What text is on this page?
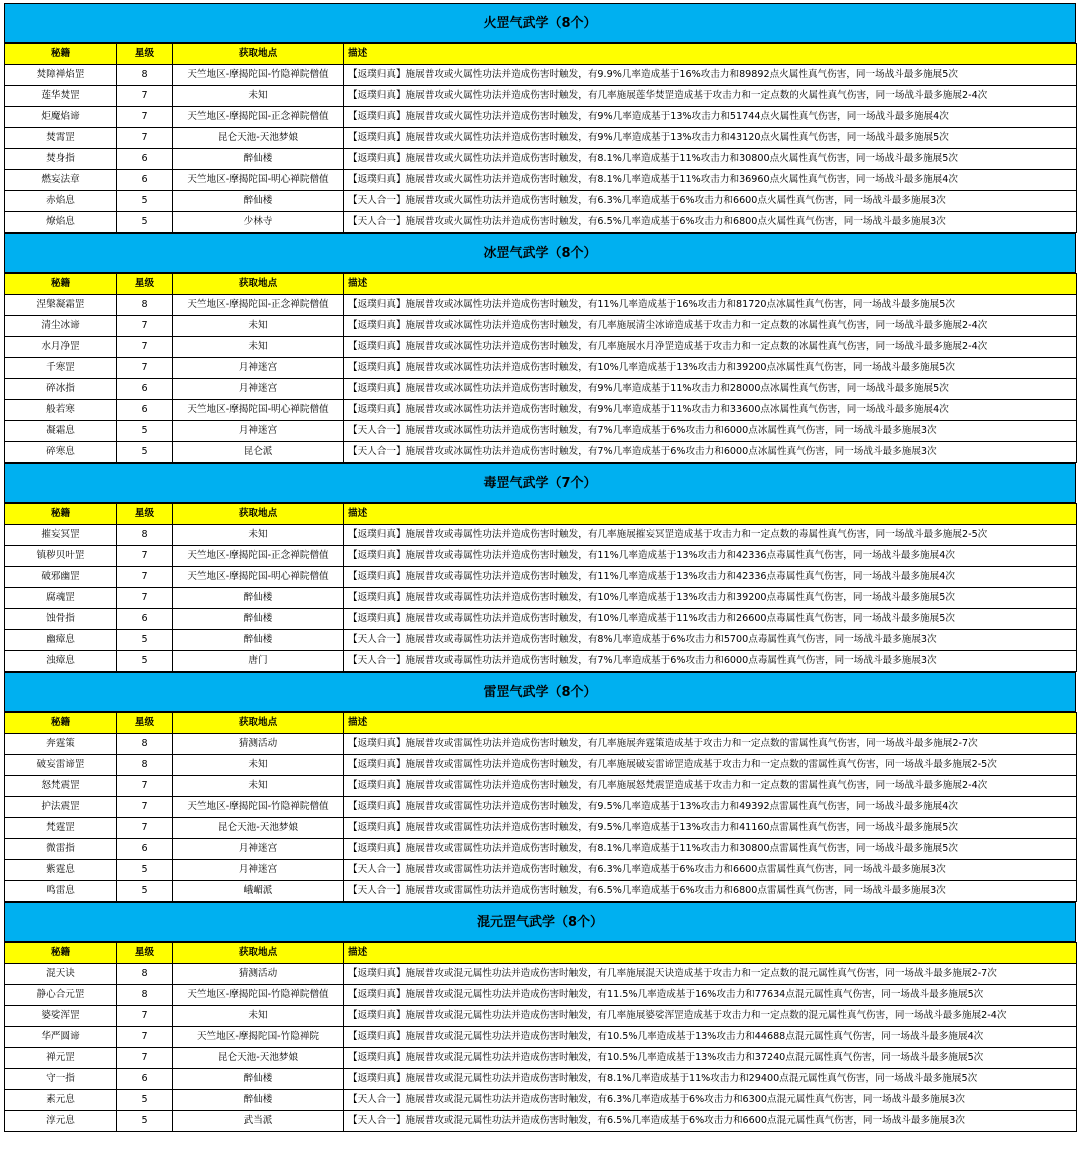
火罡气武学（8个）
秘籍	星级	获取地点	描述
焚障禅焰罡	8	天竺地区-摩揭陀国-竹隐禅院僧值	【返璞归真】施展普攻或火属性功法并造成伤害时触发，有9.9%几率造成基于16%攻击力和89892点火属性真气伤害，同一场战斗最多施展5次
莲华焚罡	7	未知	【返璞归真】施展普攻或火属性功法并造成伤害时触发，有几率施展莲华焚罡造成基于攻击力和一定点数的火属性真气伤害，同一场战斗最多施展2-4次
炬魔焰谛	7	天竺地区-摩揭陀国-正念禅院僧值	【返璞归真】施展普攻或火属性功法并造成伤害时触发，有9%几率造成基于13%攻击力和51744点火属性真气伤害，同一场战斗最多施展4次
焚霄罡	7	昆仑天池-天池梦娘	【返璞归真】施展普攻或火属性功法并造成伤害时触发，有9%几率造成基于13%攻击力和43120点火属性真气伤害，同一场战斗最多施展5次
焚身指	6	醉仙楼	【返璞归真】施展普攻或火属性功法并造成伤害时触发，有8.1%几率造成基于11%攻击力和30800点火属性真气伤害，同一场战斗最多施展5次
燃妄法章	6	天竺地区-摩揭陀国-明心禅院僧值	【返璞归真】施展普攻或火属性功法并造成伤害时触发，有8.1%几率造成基于11%攻击力和36960点火属性真气伤害，同一场战斗最多施展4次
赤焰息	5	醉仙楼	【天人合一】施展普攻或火属性功法并造成伤害时触发，有6.3%几率造成基于6%攻击力和6600点火属性真气伤害，同一场战斗最多施展3次
燎焰息	5	少林寺	【天人合一】施展普攻或火属性功法并造成伤害时触发，有6.5%几率造成基于6%攻击力和6800点火属性真气伤害，同一场战斗最多施展3次
冰罡气武学（8个）
秘籍	星级	获取地点	描述
涅槃凝霜罡	8	天竺地区-摩揭陀国-正念禅院僧值	【返璞归真】施展普攻或冰属性功法并造成伤害时触发，有11%几率造成基于16%攻击力和81720点冰属性真气伤害，同一场战斗最多施展5次
清尘冰谛	7	未知	【返璞归真】施展普攻或冰属性功法并造成伤害时触发，有几率施展清尘冰谛造成基于攻击力和一定点数的冰属性真气伤害，同一场战斗最多施展2-4次
水月净罡	7	未知	【返璞归真】施展普攻或冰属性功法并造成伤害时触发，有几率施展水月净罡造成基于攻击力和一定点数的冰属性真气伤害，同一场战斗最多施展2-4次
千寒罡	7	月神迷宫	【返璞归真】施展普攻或冰属性功法并造成伤害时触发，有10%几率造成基于13%攻击力和39200点冰属性真气伤害，同一场战斗最多施展5次
碎冰指	6	月神迷宫	【返璞归真】施展普攻或冰属性功法并造成伤害时触发，有9%几率造成基于11%攻击力和28000点冰属性真气伤害，同一场战斗最多施展5次
般若寒	6	天竺地区-摩揭陀国-明心禅院僧值	【返璞归真】施展普攻或冰属性功法并造成伤害时触发，有9%几率造成基于11%攻击力和33600点冰属性真气伤害，同一场战斗最多施展4次
凝霜息	5	月神迷宫	【天人合一】施展普攻或冰属性功法并造成伤害时触发，有7%几率造成基于6%攻击力和6000点冰属性真气伤害，同一场战斗最多施展3次
碎寒息	5	昆仑派	【天人合一】施展普攻或冰属性功法并造成伤害时触发，有7%几率造成基于6%攻击力和6000点冰属性真气伤害，同一场战斗最多施展3次
毒罡气武学（7个）
秘籍	星级	获取地点	描述
摧妄冥罡	8	未知	【返璞归真】施展普攻或毒属性功法并造成伤害时触发，有几率施展摧妄冥罡造成基于攻击力和一定点数的毒属性真气伤害，同一场战斗最多施展2-5次
镇秽贝叶罡	7	天竺地区-摩揭陀国-正念禅院僧值	【返璞归真】施展普攻或毒属性功法并造成伤害时触发，有11%几率造成基于13%攻击力和42336点毒属性真气伤害，同一场战斗最多施展4次
破邪幽罡	7	天竺地区-摩揭陀国-明心禅院僧值	【返璞归真】施展普攻或毒属性功法并造成伤害时触发，有11%几率造成基于13%攻击力和42336点毒属性真气伤害，同一场战斗最多施展4次
腐魂罡	7	醉仙楼	【返璞归真】施展普攻或毒属性功法并造成伤害时触发，有10%几率造成基于13%攻击力和39200点毒属性真气伤害，同一场战斗最多施展5次
蚀骨指	6	醉仙楼	【返璞归真】施展普攻或毒属性功法并造成伤害时触发，有10%几率造成基于11%攻击力和26600点毒属性真气伤害，同一场战斗最多施展5次
幽瘴息	5	醉仙楼	【天人合一】施展普攻或毒属性功法并造成伤害时触发，有8%几率造成基于6%攻击力和5700点毒属性真气伤害，同一场战斗最多施展3次
浊瘴息	5	唐门	【天人合一】施展普攻或毒属性功法并造成伤害时触发，有7%几率造成基于6%攻击力和6000点毒属性真气伤害，同一场战斗最多施展3次
雷罡气武学（8个）
秘籍	星级	获取地点	描述
奔霆策	8	猜测活动	【返璞归真】施展普攻或雷属性功法并造成伤害时触发，有几率施展奔霆策造成基于攻击力和一定点数的雷属性真气伤害，同一场战斗最多施展2-7次
破妄雷谛罡	8	未知	【返璞归真】施展普攻或雷属性功法并造成伤害时触发，有几率施展破妄雷谛罡造成基于攻击力和一定点数的雷属性真气伤害，同一场战斗最多施展2-5次
怒梵震罡	7	未知	【返璞归真】施展普攻或雷属性功法并造成伤害时触发，有几率施展怒梵震罡造成基于攻击力和一定点数的雷属性真气伤害，同一场战斗最多施展2-4次
护法震罡	7	天竺地区-摩揭陀国-竹隐禅院僧值	【返璞归真】施展普攻或雷属性功法并造成伤害时触发，有9.5%几率造成基于13%攻击力和49392点雷属性真气伤害，同一场战斗最多施展4次
梵霆罡	7	昆仑天池-天池梦娘	【返璞归真】施展普攻或雷属性功法并造成伤害时触发，有9.5%几率造成基于13%攻击力和41160点雷属性真气伤害，同一场战斗最多施展5次
微雷指	6	月神迷宫	【返璞归真】施展普攻或雷属性功法并造成伤害时触发，有8.1%几率造成基于11%攻击力和30800点雷属性真气伤害，同一场战斗最多施展5次
紫霆息	5	月神迷宫	【天人合一】施展普攻或雷属性功法并造成伤害时触发，有6.3%几率造成基于6%攻击力和6600点雷属性真气伤害，同一场战斗最多施展3次
鸣雷息	5	峨嵋派	【天人合一】施展普攻或雷属性功法并造成伤害时触发，有6.5%几率造成基于6%攻击力和6800点雷属性真气伤害，同一场战斗最多施展3次
混元罡气武学（8个）
秘籍	星级	获取地点	描述
混天诀	8	猜测活动	【返璞归真】施展普攻或混元属性功法并造成伤害时触发，有几率施展混天诀造成基于攻击力和一定点数的混元属性真气伤害，同一场战斗最多施展2-7次
静心合元罡	8	天竺地区-摩揭陀国-竹隐禅院僧值	【返璞归真】施展普攻或混元属性功法并造成伤害时触发，有11.5%几率造成基于16%攻击力和77634点混元属性真气伤害，同一场战斗最多施展5次
婆娑浑罡	7	未知	【返璞归真】施展普攻或混元属性功法并造成伤害时触发，有几率施展婆娑浑罡造成基于攻击力和一定点数的混元属性真气伤害，同一场战斗最多施展2-4次
华严圆谛	7	天竺地区-摩揭陀国-竹隐禅院	【返璞归真】施展普攻或混元属性功法并造成伤害时触发，有10.5%几率造成基于13%攻击力和44688点混元属性真气伤害，同一场战斗最多施展4次
禅元罡	7	昆仑天池-天池梦娘	【返璞归真】施展普攻或混元属性功法并造成伤害时触发，有10.5%几率造成基于13%攻击力和37240点混元属性真气伤害，同一场战斗最多施展5次
守一指	6	醉仙楼	【返璞归真】施展普攻或混元属性功法并造成伤害时触发，有8.1%几率造成基于11%攻击力和29400点混元属性真气伤害，同一场战斗最多施展5次
素元息	5	醉仙楼	【天人合一】施展普攻或混元属性功法并造成伤害时触发，有6.3%几率造成基于6%攻击力和6300点混元属性真气伤害，同一场战斗最多施展3次
淳元息	5	武当派	【天人合一】施展普攻或混元属性功法并造成伤害时触发，有6.5%几率造成基于6%攻击力和6600点混元属性真气伤害，同一场战斗最多施展3次
